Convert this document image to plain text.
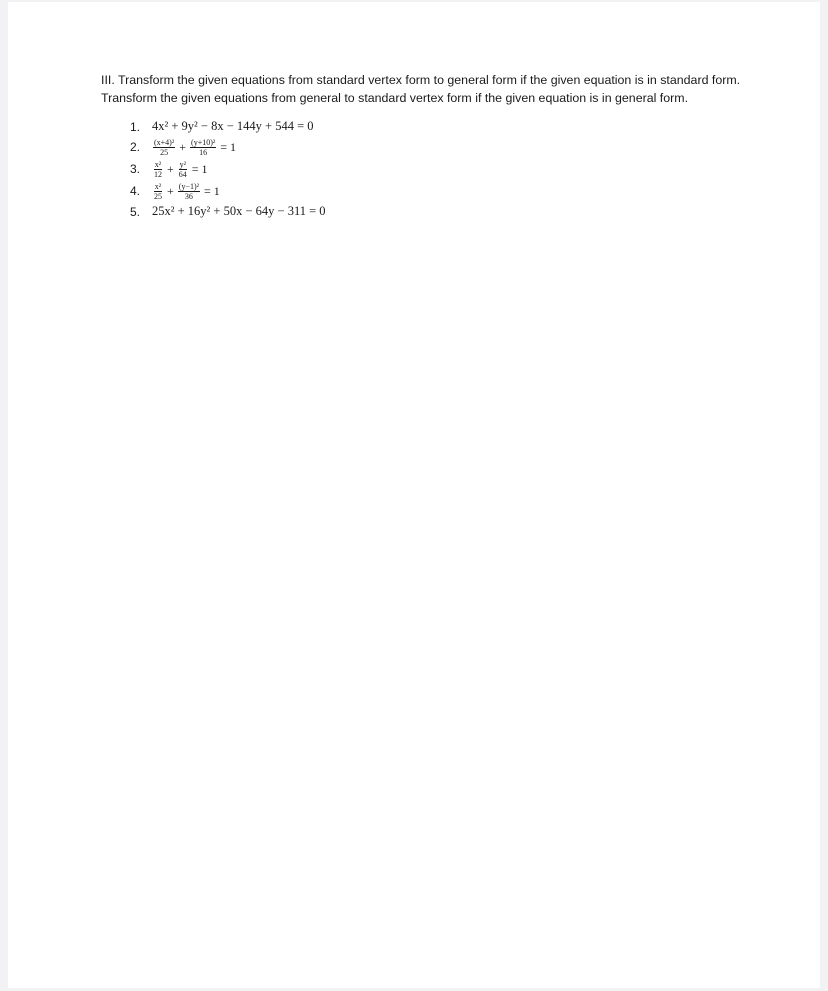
III. Transform the given equations from standard vertex form to general form if the given equation is in standard form. Transform the given equations from general to standard vertex form if the given equation is in general form.

1. 4x² + 9y² − 8x − 144y + 544 = 0
2. $\frac{\text{(x+4)²}}{25} + \frac{\text{(y+10)²}}{16} = 1$
3. $\frac{\text{x²}}{12} + \frac{\text{y²}}{64} = 1$
4. $\frac{\text{x²}}{25} + \frac{\text{(y−1)²}}{36} = 1$
5. 25x² + 16y² + 50x − 64y − 311 = 0
